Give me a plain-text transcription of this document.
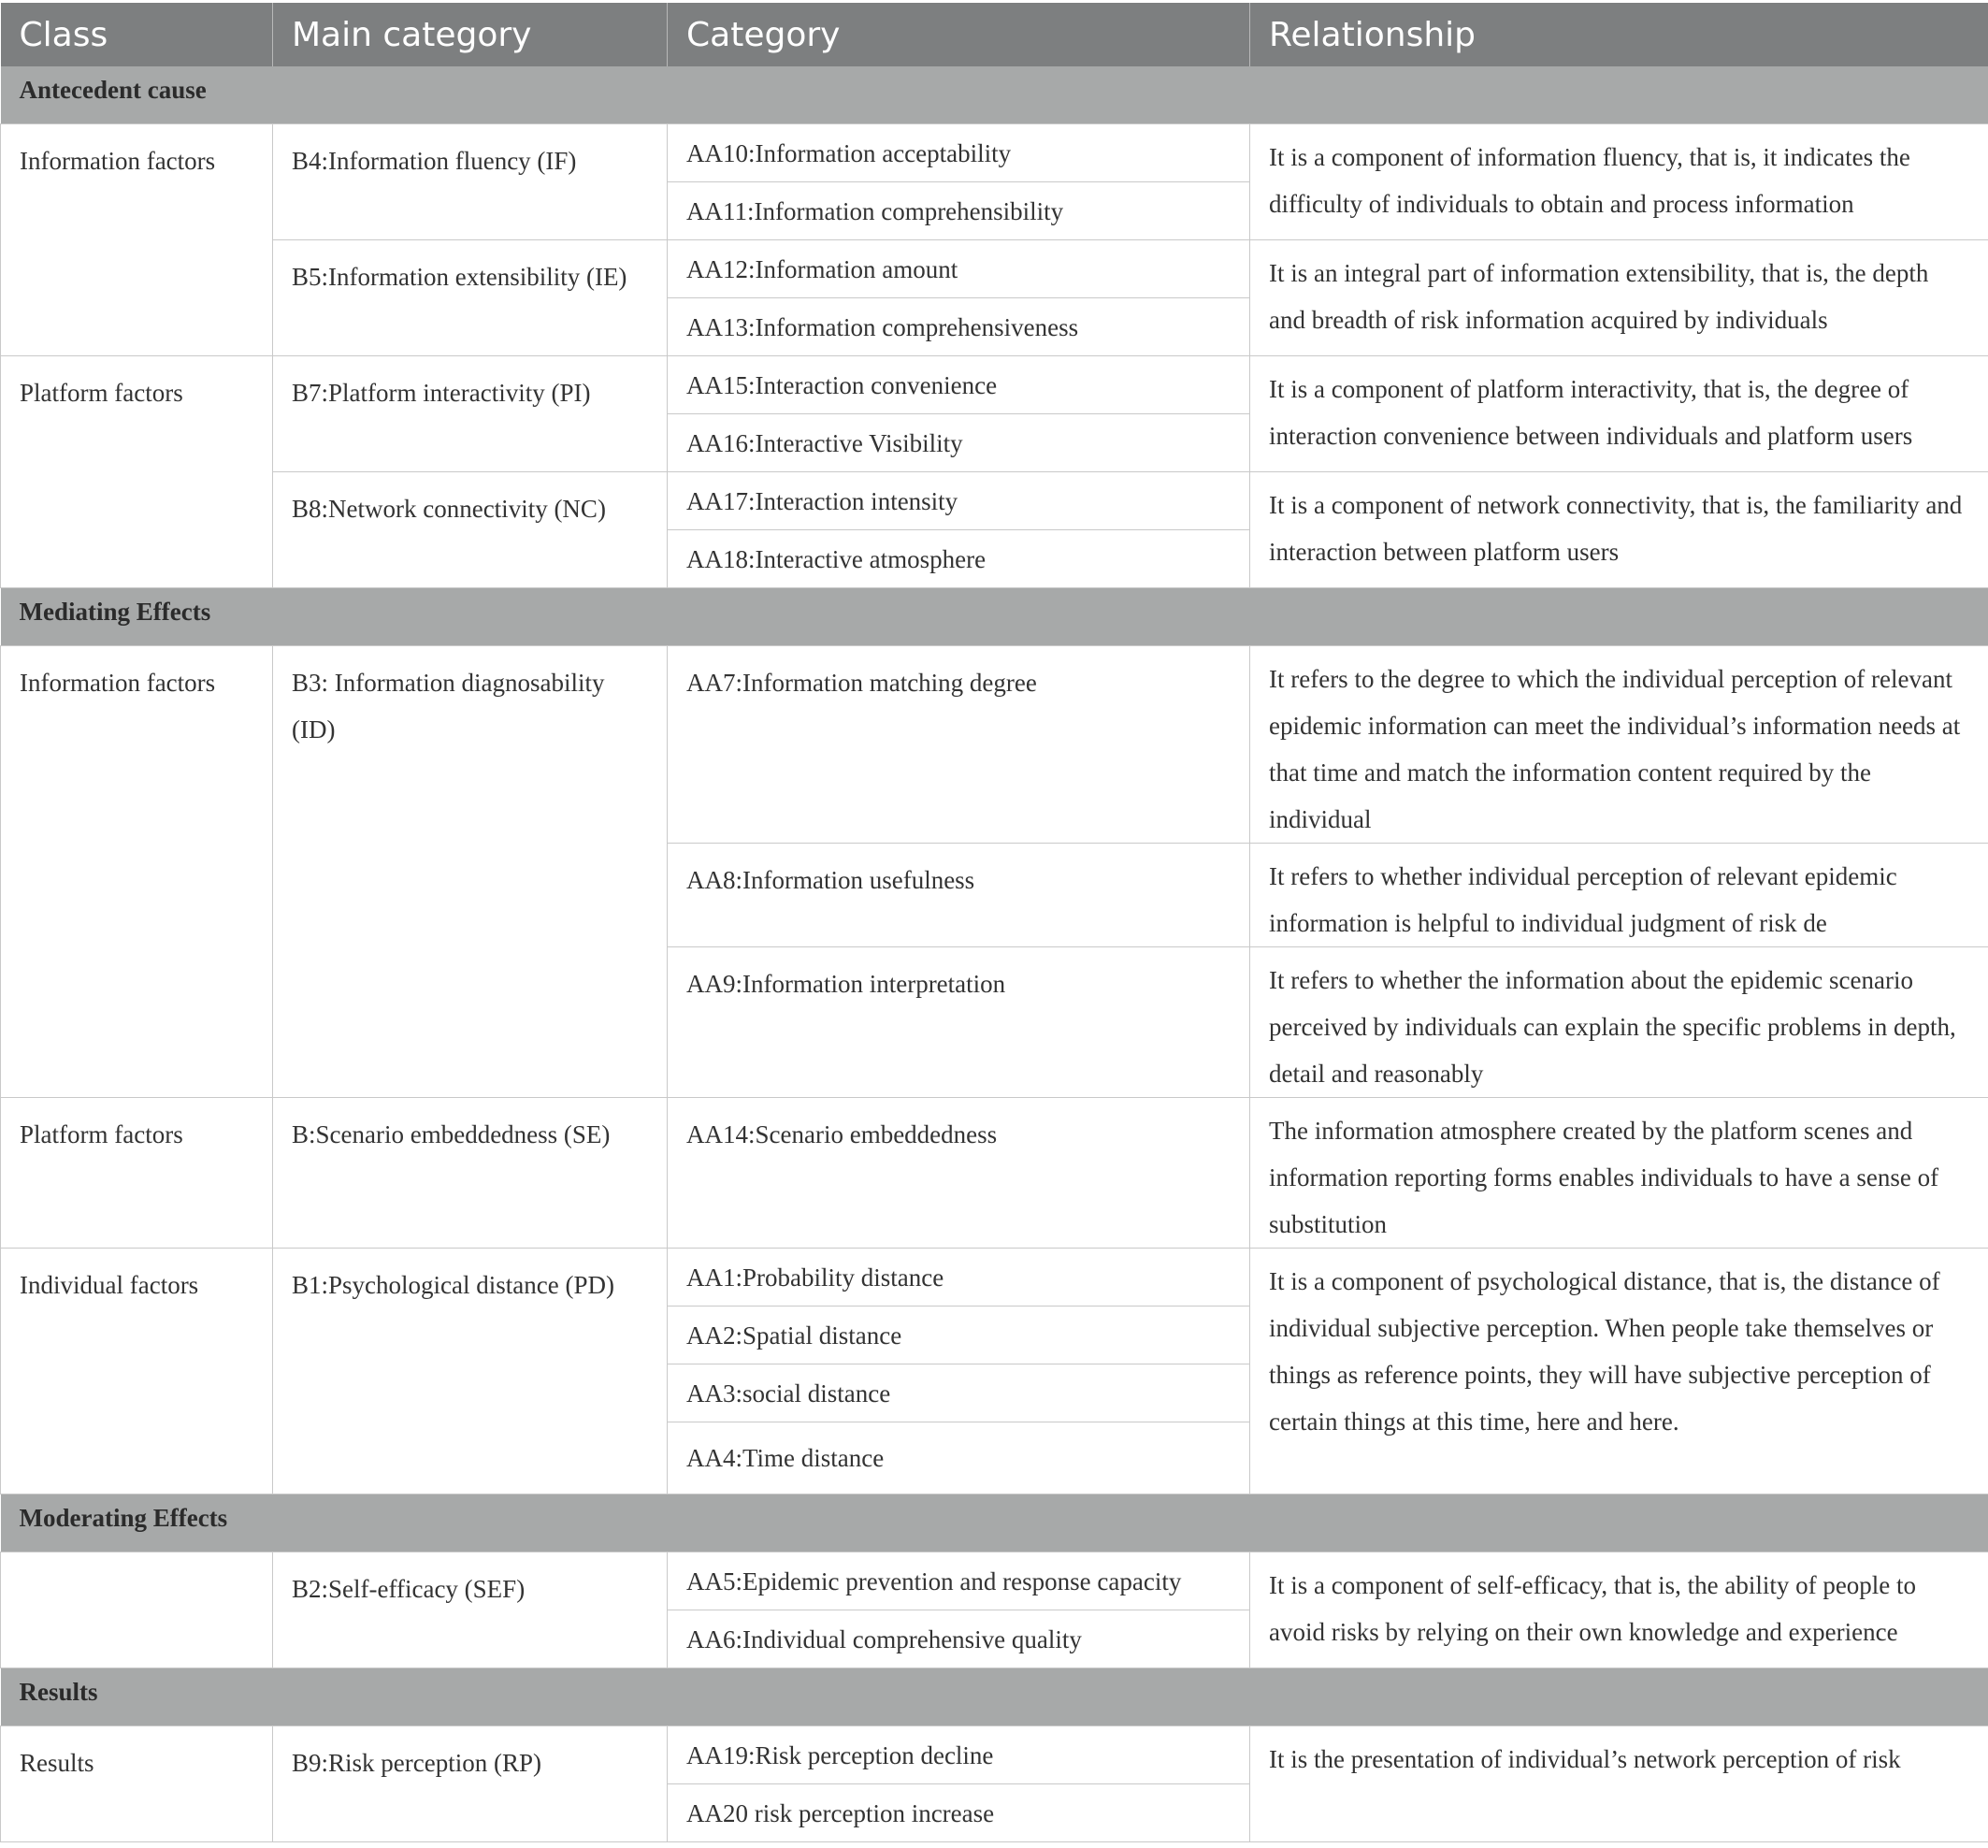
Class	Main category	Category	Relationship
Antecedent cause			
Information factors	B4:Information fluency (IF)	AA10:Information acceptability	It is a component of information fluency, that is, it indicates the difficulty of individuals to obtain and process information
		AA11:Information comprehensibility	
	B5:Information extensibility (IE)	AA12:Information amount	It is an integral part of information extensibility, that is, the depth and breadth of risk information acquired by individuals
		AA13:Information comprehensiveness	
Platform factors	B7:Platform interactivity (PI)	AA15:Interaction convenience	It is a component of platform interactivity, that is, the degree of interaction convenience between individuals and platform users
		AA16:Interactive Visibility	
	B8:Network connectivity (NC)	AA17:Interaction intensity	It is a component of network connectivity, that is, the familiarity and interaction between platform users
		AA18:Interactive atmosphere	
Mediating Effects			
Information factors	B3: Information diagnosability (ID)	AA7:Information matching degree	It refers to the degree to which the individual perception of relevant epidemic information can meet the individual’s information needs at that time and match the information content required by the individual
		AA8:Information usefulness	It refers to whether individual perception of relevant epidemic information is helpful to individual judgment of risk de
		AA9:Information interpretation	It refers to whether the information about the epidemic scenario perceived by individuals can explain the specific problems in depth, detail and reasonably
Platform factors	B:Scenario embeddedness (SE)	AA14:Scenario embeddedness	The information atmosphere created by the platform scenes and information reporting forms enables individuals to have a sense of substitution
Individual factors	B1:Psychological distance (PD)	AA1:Probability distance	It is a component of psychological distance, that is, the distance of individual subjective perception. When people take themselves or things as reference points, they will have subjective perception of certain things at this time, here and here.
		AA2:Spatial distance	
		AA3:social distance	
		AA4:Time distance	
Moderating Effects			
	B2:Self-efficacy (SEF)	AA5:Epidemic prevention and response capacity	It is a component of self-efficacy, that is, the ability of people to avoid risks by relying on their own knowledge and experience
		AA6:Individual comprehensive quality	
Results			
Results	B9:Risk perception (RP)	AA19:Risk perception decline	It is the presentation of individual’s network perception of risk
		AA20 risk perception increase	
